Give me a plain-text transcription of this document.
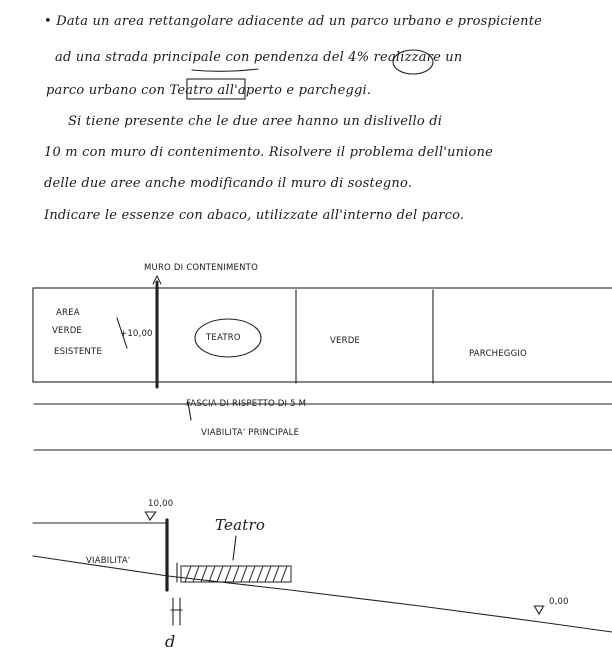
• Data un area rettangolare adiacente ad un parco urbano e prospiciente
ad una strada principale con pendenza del 4% realizzare un
parco urbano con Teatro all'aperto e parcheggi.
Si tiene presente che le due aree hanno un dislivello di
10 m con muro di contenimento. Risolvere il problema dell'unione
delle due aree anche modificando il muro di sostegno.
Indicare le essenze con abaco, utilizzate all'interno del parco.
MURO DI CONTENIMENTO
AREA
VERDE
ESISTENTE
+10,00	TEATRO	VERDE
PARCHEGGIO
FASCIA DI RISPETTO DI 5 M
VIABILITA' PRINCIPALE
10,00
Teatro
VIABILITA'
0,00
d
